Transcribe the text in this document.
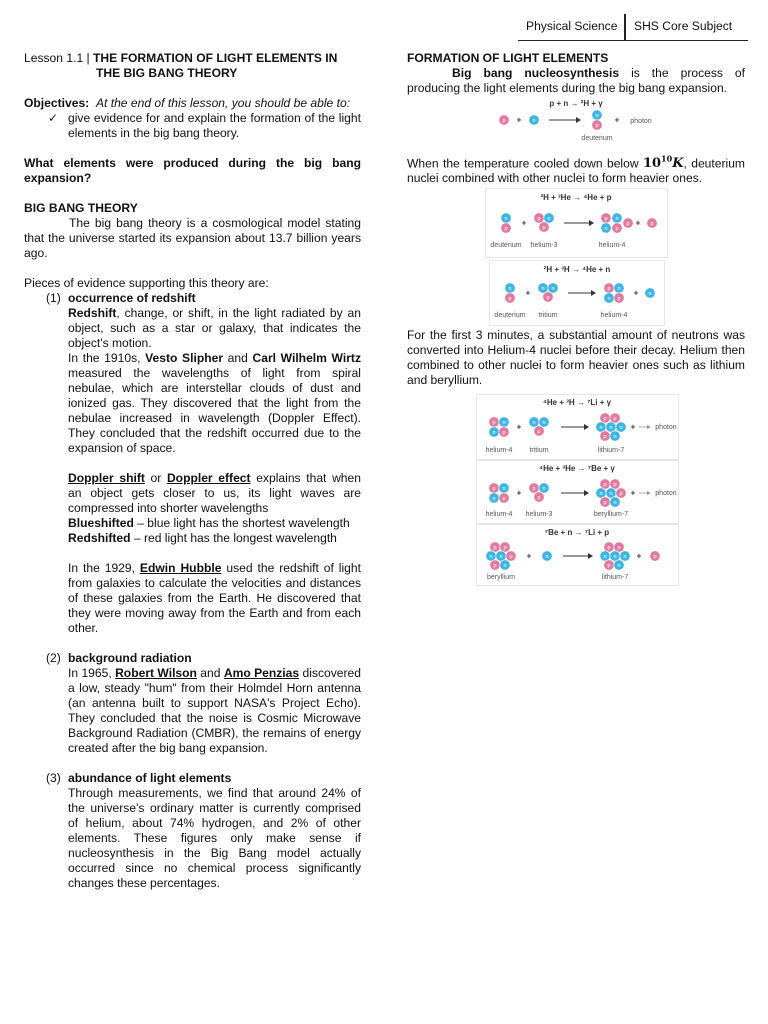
Physical Science SHS Core Subject
Lesson 1.1 | THE FORMATION OF LIGHT ELEMENTS IN
THE BIG BANG THEORY

Objectives: At the end of this lesson, you should be able to:

✓ give evidence for and explain the formation of the light elements in the big bang theory.

What elements were produced during the big bang expansion?

BIG BANG THEORY

The big bang theory is a cosmological model stating that the universe started its expansion about 13.7 billion years ago.

Pieces of evidence supporting this theory are:

(1) occurrence of redshift

Redshift, change, or shift, in the light radiated by an object, such as a star or galaxy, that indicates the object's motion.

In the 1910s, Vesto Slipher and Carl Wilhelm Wirtz measured the wavelengths of light from spiral nebulae, which are interstellar clouds of dust and ionized gas. They discovered that the light from the nebulae increased in wavelength (Doppler Effect). They concluded that the redshift occurred due to the expansion of space.

Doppler shift or Doppler effect explains that when an object gets closer to us, its light waves are compressed into shorter wavelengths

Blueshifted – blue light has the shortest wavelength

Redshifted – red light has the longest wavelength

In the 1929, Edwin Hubble used the redshift of light from galaxies to calculate the velocities and distances of these galaxies from the Earth. He discovered that they were moving away from the Earth and from each other.

(2) background radiation

In 1965, Robert Wilson and Amo Penzias discovered a low, steady "hum" from their Holmdel Horn antenna (an antenna built to support NASA's Project Echo). They concluded that the noise is Cosmic Microwave Background Radiation (CMBR), the remains of energy created after the big bang expansion.

(3) abundance of light elements

Through measurements, we find that around 24% of the universe's ordinary matter is currently comprised of helium, about 74% hydrogen, and 2% of other elements. These figures only make sense if nucleosynthesis in the Big Bang model actually occurred since no chemical process significantly changes these percentages.

FORMATION OF LIGHT ELEMENTS

Big bang nucleosynthesis is the process of producing the light elements during the big bang expansion.

p + n → ²H + γ
p + n
n
p
+ photon
deuterium

When the temperature cooled down below $10^{10}K$, deuterium nuclei combined with other nuclei to form heavier ones.

²H + ³He → ⁴He + p
n
p
+ p n
p
p n
n p
p + p
deuterium helium-3	helium-4
²H + ³H → ⁴He + n
n
p
+ n n
p
p n
n p
+ n
deuterium tritium	helium-4

For the first 3 minutes, a substantial amount of neutrons was converted into Helium-4 nuclei before their decay. Helium then combined to other nuclei to form heavier ones such as lithium and beryllium.

⁴He + ³H → ⁷Li + γ
p n
n p
+ n n
p
p p
n n n
p n
+	photon
helium-4 tritium	lithium-7
⁴He + ³He → ⁷Be + γ
p n
n p
+ p n
p
p p
n n p
p n
+	photon
helium-4 helium-3	beryllium-7
⁷Be + n → ⁷Li + p
p p
n n p
p n
+	n
p p
n n n
p n
+ p
beryllium	lithium-7
